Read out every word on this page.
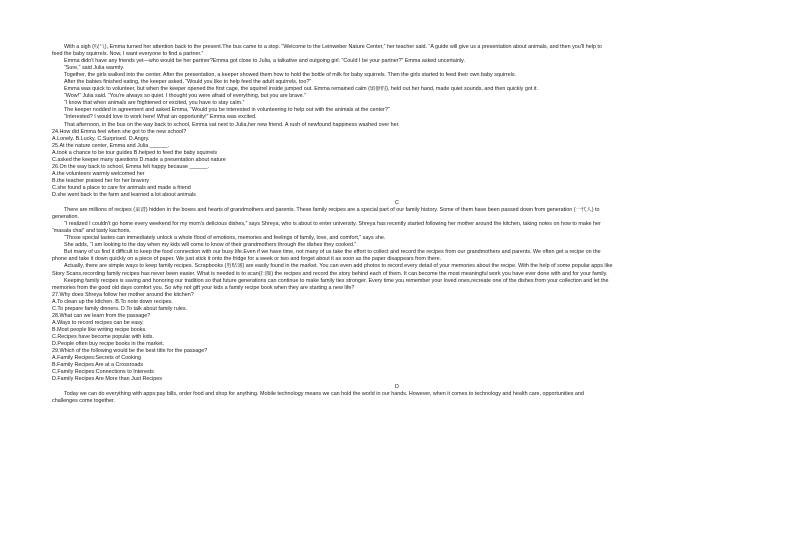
With a sigh (叹气), Emma turned her attention back to the present.The bus came to a stop. “Welcome to the Leinweber Nature Center,” her teacher said. “A guide will give us a presentation about animals, and then you'll help to
feed the baby squirrels. Now, I want everyone to find a partner.”
Emma didn't have any friends yet—who would be her partner?Emma got close to Julia, a talkative and outgoing girl. “Could I be your partner?” Emma asked uncertainly.
“Sure,” said Julia warmly.
Together, the girls walked into the center. After the presentation, a keeper showed them how to hold the bottle of milk for baby squirrels. Then the girls started to feed their own baby squirrels.
After the babies finished eating, the keeper asked, “Would you like to help feed the adult squirrels, too?”
Emma was quick to volunteer, but when the keeper opened the first cage, the squirrel inside jumped out. Emma remained calm (镇静的), held out her hand, made quiet sounds, and then quickly got it.
“Wow!” Julia said. “You're always so quiet. I thought you were afraid of everything, but you are brave.”
“I know that when animals are frightened or excited, you have to stay calm.”
The keeper nodded in agreement and asked Emma, “Would you be interested in volunteering to help out with the animals at the center?”
“Interested? I would love to work here! What an opportunity!” Emma was excited.
That afternoon, in the bus on the way back to school, Emma sat next to Julia,her new friend. A rush of newfound happiness washed over her.
24.How did Emma feel when she got to the new school?
A.Lonely. B.Lucky. C.Surprised. D.Angry.
25.At the nature center, Emma and Julia ______.
A.took a chance to be tour guides B.helped to feed the baby squirrels
C.asked the keeper many questions D.made a presentation about nature
26.On the way back to school, Emma felt happy because ______.
A.the volunteers warmly welcomed her
B.the teacher praised her for her bravery
C.she found a place to care for animals and made a friend
D.she went back to the farm and learned a lot about animals
C
There are millions of recipes (菜谱) hidden in the boxes and hearts of grandmothers and parents. These family recipes are a special part of our family history. Some of them have been passed down from generation (一代人) to
generation.
“I realized I couldn't go home every weekend for my mom's delicious dishes,” says Shreya, who is about to enter university. Shreya has recently started following her mother around the kitchen, taking notes on how to make her
“masala chai” and tasty kachoris.
“Those special tastes can immediately unlock a whole flood of emotions, memories and feelings of family, love, and comfort,” says she.
She adds, “I am looking to the day when my kids will come to know of their grandmothers through the dishes they cooked.”
But many of us find it difficult to keep the food connection with our busy life.Even if we have time, not many of us take the effort to collect and record the recipes from our grandmothers and parents. We often get a recipe on the
phone and take it down quickly on a piece of paper. We just stick it onto the fridge for a week or two and forget about it as soon as the paper disappears from there.
Actually, there are simple ways to keep family recipes. Scrapbooks (剪贴簿) are easily found in the market. You can even add photos to record every detail of your memories about the recipe. With the help of some popular apps like
Story Scans,recording family recipes has never been easier. What is needed is to scan(扫描) the recipes and record the story behind each of them. It can become the most meaningful work you have ever done with and for your family.
Keeping family recipes is saving and honoring our tradition so that future generations can continue to make family ties stronger. Every time you remember your loved ones,recreate one of the dishes from your collection and let the
memories from the good old days comfort you. So why not gift your kids a family recipe book when they are starting a new life?
27.Why does Shreya follow her mother around the kitchen?
A.To clean up the kitchen. B.To note down recipes.
C.To prepare family dinners. D.To talk about family rules.
28.What can we learn from the passage?
A.Ways to record recipes can be easy.
B.Most people like writing recipe books.
C.Recipes have become popular with kids.
D.People often buy recipe books in the market.
29.Which of the following would be the best title for the passage?
A.Family Recipes:Secrets of Cooking
B.Family Recipes Are at a Crossroads
C.Family Recipes:Connections to Interests
D.Family Recipes Are More than Just Recipes
D
Today we can do everything with apps:pay bills, order food and shop for anything. Mobile technology means we can hold the world in our hands. However, when it comes to technology and health care, opportunities and
challenges come together.
